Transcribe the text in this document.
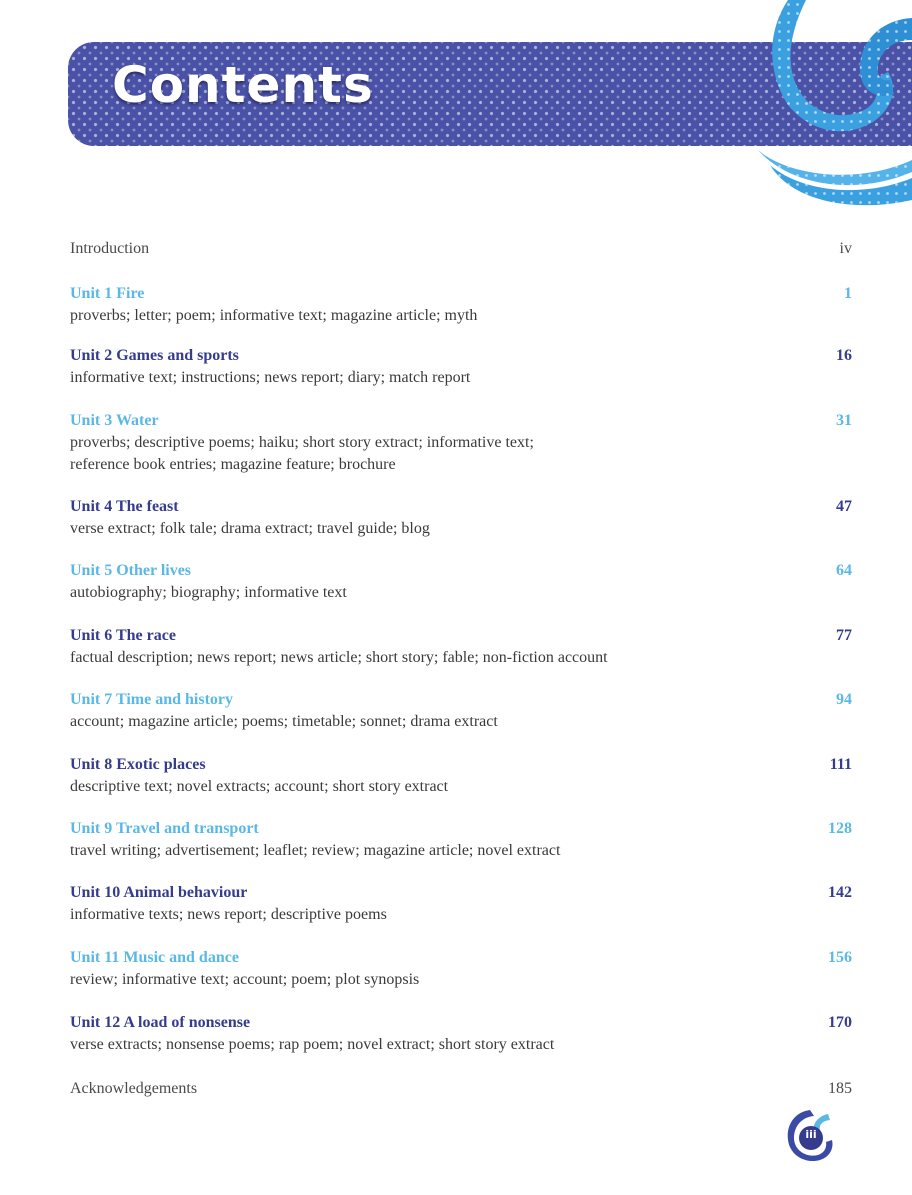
Contents
Introduction	iv
Unit 1 Fire	1
proverbs; letter; poem; informative text; magazine article; myth
Unit 2 Games and sports	16
informative text; instructions; news report; diary; match report
Unit 3 Water	31
proverbs; descriptive poems; haiku; short story extract; informative text;
reference book entries; magazine feature; brochure
Unit 4 The feast	47
verse extract; folk tale; drama extract; travel guide; blog
Unit 5 Other lives	64
autobiography; biography; informative text
Unit 6 The race	77
factual description; news report; news article; short story; fable; non-fiction account
Unit 7 Time and history	94
account; magazine article; poems; timetable; sonnet; drama extract
Unit 8 Exotic places	111
descriptive text; novel extracts; account; short story extract
Unit 9 Travel and transport	128
travel writing; advertisement; leaflet; review; magazine article; novel extract
Unit 10 Animal behaviour	142
informative texts; news report; descriptive poems
Unit 11 Music and dance	156
review; informative text; account; poem; plot synopsis
Unit 12 A load of nonsense	170
verse extracts; nonsense poems; rap poem; novel extract; short story extract
Acknowledgements	185
iii
